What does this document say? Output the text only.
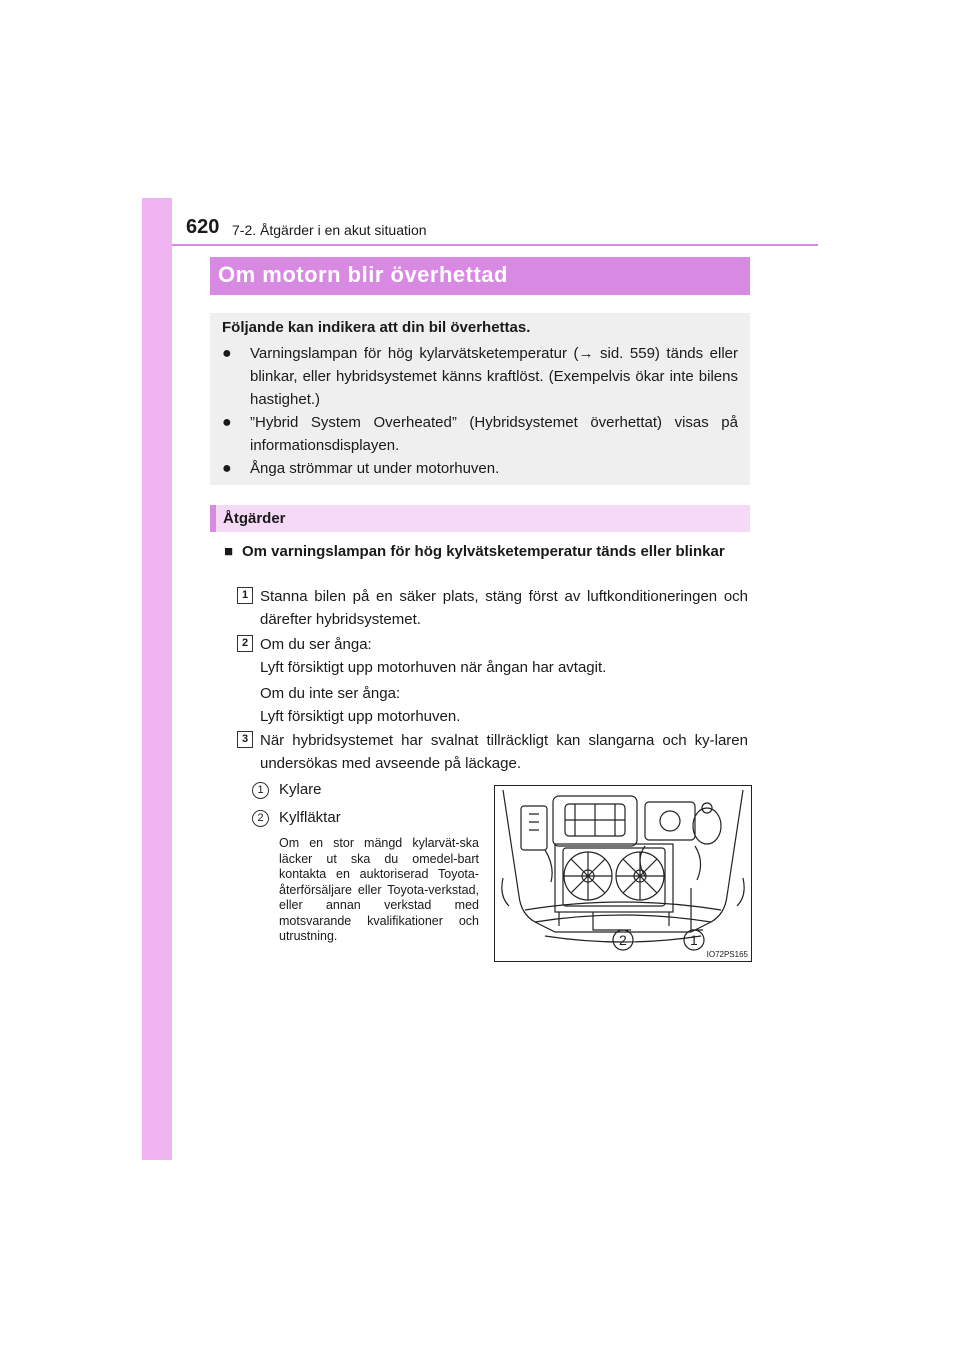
620 7-2. Åtgärder i en akut situation
Om motorn blir överhettad
Följande kan indikera att din bil överhettas.
● Varningslampan för hög kylarvätsketemperatur (→ sid. 559) tänds eller blinkar, eller hybridsystemet känns kraftlöst. (Exempelvis ökar inte bilens hastighet.)
● ”Hybrid System Overheated” (Hybridsystemet överhettat) visas på informationsdisplayen.
● Ånga strömmar ut under motorhuven.
Åtgärder
■ Om varningslampan för hög kylvätsketemperatur tänds eller blinkar
1 Stanna bilen på en säker plats, stäng först av luftkonditioneringen och därefter hybridsystemet.
2 Om du ser ånga:
Lyft försiktigt upp motorhuven när ångan har avtagit.
Om du inte ser ånga:
Lyft försiktigt upp motorhuven.
3 När hybridsystemet har svalnat tillräckligt kan slangarna och ky-laren undersökas med avseende på läckage.
1	Kylare
2	Kylfläktar
Om en stor mängd kylarvät-ska läcker ut ska du omedel-bart kontakta en auktoriserad Toyota-återförsäljare eller Toyota-verkstad, eller annan verkstad med motsvarande kvalifikationer och utrustning.	2	1
IO72PS165
